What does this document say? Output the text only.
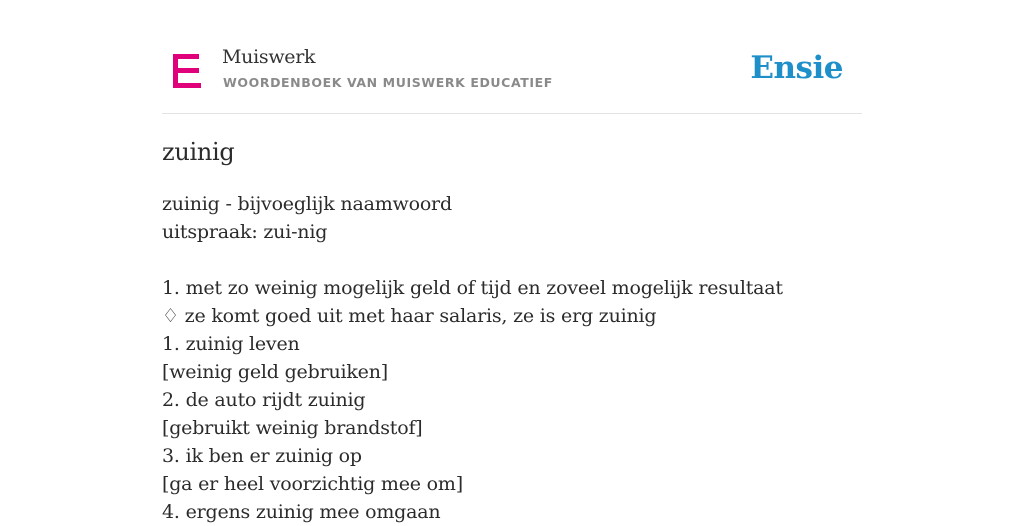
Muiswerk
WOORDENBOEK VAN MUISWERK EDUCATIEF	Ensie
zuinig
zuinig - bijvoeglijk naamwoord
uitspraak: zui-nig
1. met zo weinig mogelijk geld of tijd en zoveel mogelijk resultaat
♢ ze komt goed uit met haar salaris, ze is erg zuinig
1. zuinig leven
[weinig geld gebruiken]
2. de auto rijdt zuinig
[gebruikt weinig brandstof]
3. ik ben er zuinig op
[ga er heel voorzichtig mee om]
4. ergens zuinig mee omgaan
